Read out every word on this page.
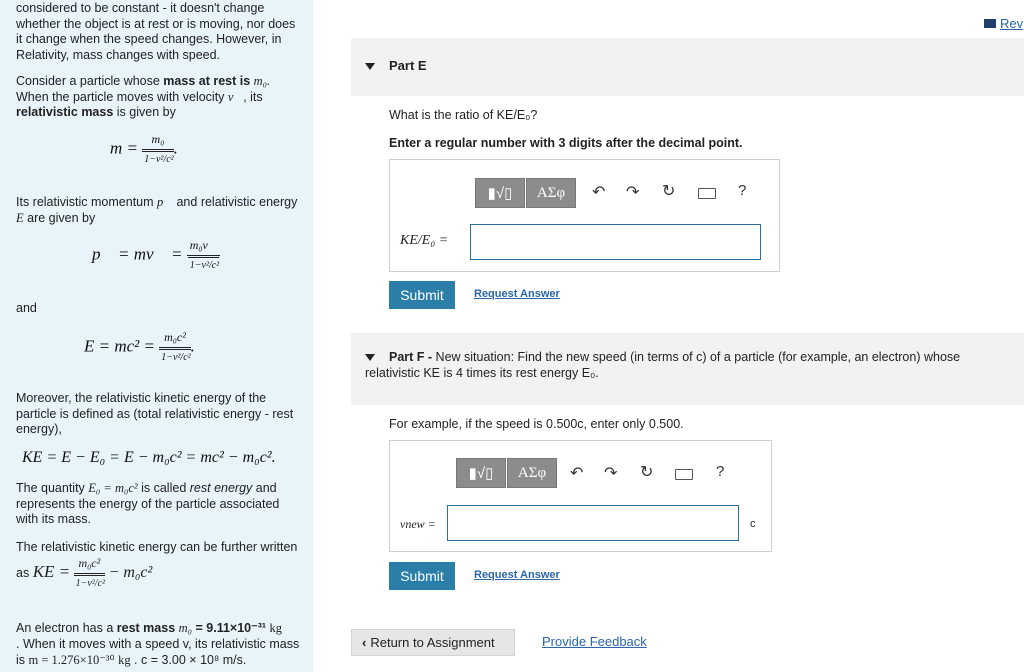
considered to be constant - it doesn't change whether the object is at rest or is moving, nor does it change when the speed changes. However, in Relativity, mass changes with speed.

Consider a particle whose mass at rest is m₀.
When the particle moves with velocity v⃗, its
relativistic mass is given by

$m = \frac{\text{m₀}}{\text{1−v²/c²}}$ .

Its relativistic momentum p⃗ and relativistic energy
E are given by

p⃗ = mv⃗ = $\frac{\text{m₀v⃗}}{\text{1−v²/c²}}$

and

$E = mc^2 = \frac{\text{m₀c²}}{\text{1−v²/c²}}$ .

Moreover, the relativistic kinetic energy of the particle is defined as (total relativistic energy - rest energy),

KE = E − E₀ = E − m₀c² = mc² − m₀c².

The quantity E₀ = m₀c² is called rest energy and represents the energy of the particle associated with its mass.

The relativistic kinetic energy can be further written

as KE = $\frac{\text{m₀c²}}{\text{1−v²/c²}} - m_0c^2$

An electron has a rest mass m₀ = 9.11×10⁻³¹ kg
. When it moves with a speed v, its relativistic mass is m = 1.276×10⁻³⁰ kg . c = 3.00 × 10⁸ m/s.

Rev
Part E
What is the ratio of KE/E₀?
Enter a regular number with 3 digits after the decimal point.
▮√▯	ΑΣφ	↶ ↷ ↻	?
KE/E₀ =
Submit	Request Answer
Part F - New situation: Find the new speed (in terms of c) of a particle (for example, an electron) whose relativistic KE is 4 times its rest energy E₀.
For example, if the speed is 0.500c, enter only 0.500.
▮√▯	ΑΣφ	↶ ↷ ↻	?
vnew =	c
Submit	Request Answer
‹ Return to Assignment	Provide Feedback
